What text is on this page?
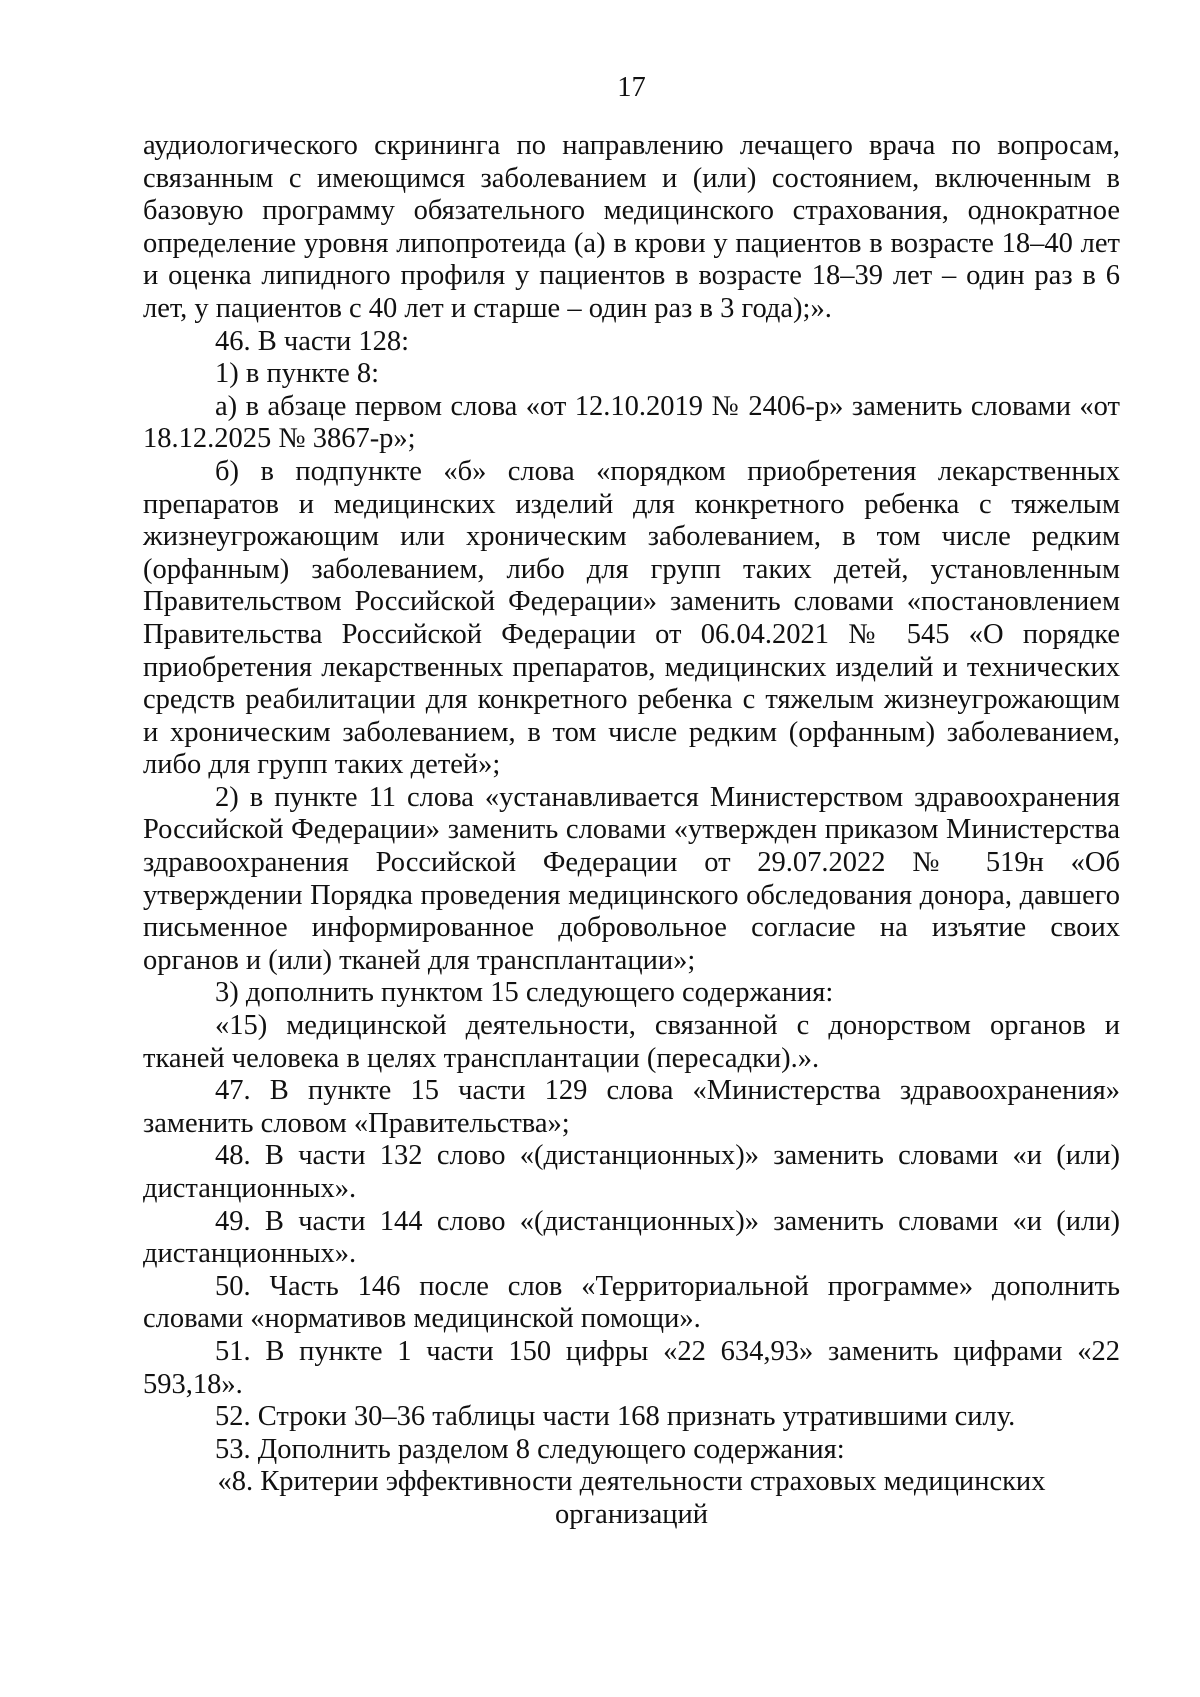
17

аудиологического скрининга по направлению лечащего врача по вопросам, связанным с имеющимся заболеванием и (или) состоянием, включенным в базовую программу обязательного медицинского страхования, однократное определение уровня липопротеида (а) в крови у пациентов в возрасте 18–40 лет и оценка липидного профиля у пациентов в возрасте 18–39 лет – один раз в 6 лет, у пациентов с 40 лет и старше – один раз в 3 года);».

46. В части 128:

1) в пункте 8:

а) в абзаце первом слова «от 12.10.2019 № 2406-р» заменить словами «от 18.12.2025 № 3867-р»;

б) в подпункте «б» слова «порядком приобретения лекарственных препаратов и медицинских изделий для конкретного ребенка с тяжелым жизнеугрожающим или хроническим заболеванием, в том числе редким (орфанным) заболеванием, либо для групп таких детей, установленным Правительством Российской Федерации» заменить словами «постановлением Правительства Российской Федерации от 06.04.2021 № 545 «О порядке приобретения лекарственных препаратов, медицинских изделий и технических средств реабилитации для конкретного ребенка с тяжелым жизнеугрожающим и хроническим заболеванием, в том числе редким (орфанным) заболеванием, либо для групп таких детей»;

2) в пункте 11 слова «устанавливается Министерством здравоохранения Российской Федерации» заменить словами «утвержден приказом Министерства здравоохранения Российской Федерации от 29.07.2022 № 519н «Об утверждении Порядка проведения медицинского обследования донора, давшего письменное информированное добровольное согласие на изъятие своих органов и (или) тканей для трансплантации»;

3) дополнить пунктом 15 следующего содержания:

«15) медицинской деятельности, связанной с донорством органов и тканей человека в целях трансплантации (пересадки).».

47. В пункте 15 части 129 слова «Министерства здравоохранения» заменить словом «Правительства»;

48. В части 132 слово «(дистанционных)» заменить словами «и (или) дистанционных».

49. В части 144 слово «(дистанционных)» заменить словами «и (или) дистанционных».

50. Часть 146 после слов «Территориальной программе» дополнить словами «нормативов медицинской помощи».

51. В пункте 1 части 150 цифры «22 634,93» заменить цифрами «22 593,18».

52. Строки 30–36 таблицы части 168 признать утратившими силу.

53. Дополнить разделом 8 следующего содержания:

«8. Критерии эффективности деятельности страховых медицинских
организаций
